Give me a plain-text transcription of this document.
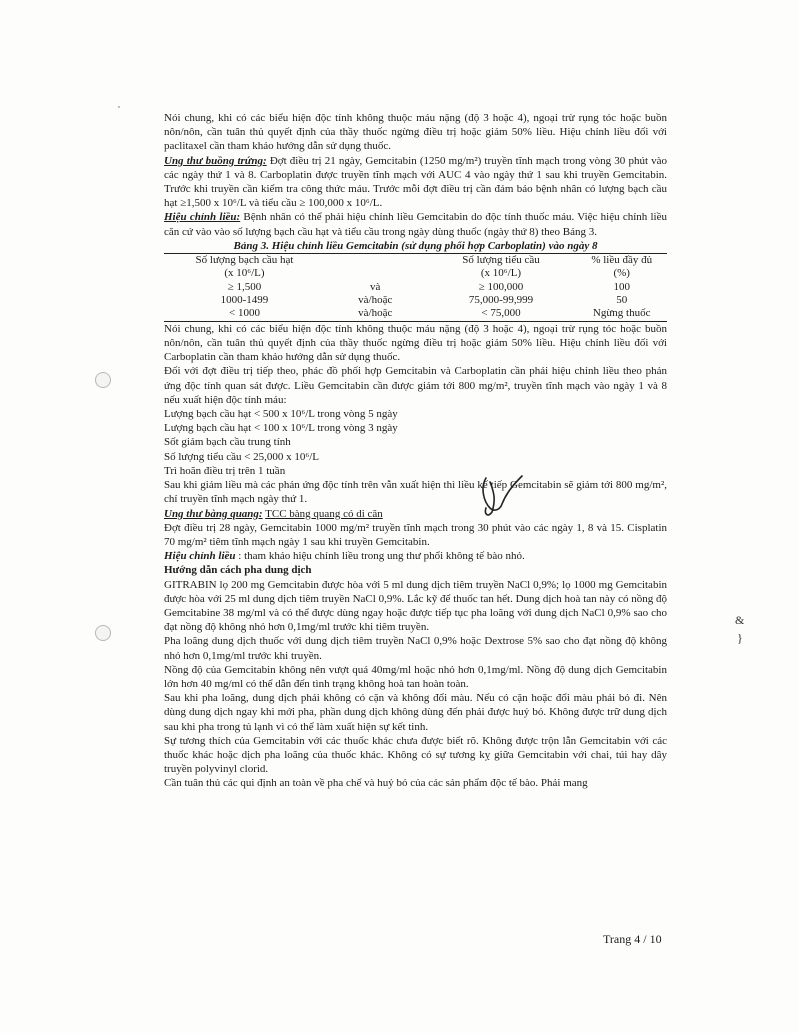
&
}

Nói chung, khi có các biểu hiện độc tính không thuộc máu nặng (độ 3 hoặc 4), ngoại trừ rụng tóc hoặc buồn nôn/nôn, cần tuân thủ quyết định của thầy thuốc ngừng điều trị hoặc giảm 50% liều. Hiệu chỉnh liều đối với paclitaxel cần tham khảo hướng dẫn sử dụng thuốc.

Ung thư buồng trứng: Đợt điều trị 21 ngày, Gemcitabin (1250 mg/m²) truyền tĩnh mạch trong vòng 30 phút vào các ngày thứ 1 và 8. Carboplatin được truyền tĩnh mạch với AUC 4 vào ngày thứ 1 sau khi truyền Gemcitabin. Trước khi truyền cần kiểm tra công thức máu. Trước mỗi đợt điều trị cần đảm bảo bệnh nhân có lượng bạch cầu hạt ≥1,500 x 10⁶/L và tiểu cầu ≥ 100,000 x 10⁶/L.

Hiệu chỉnh liều: Bệnh nhân có thể phải hiệu chỉnh liều Gemcitabin do độc tính thuốc máu. Việc hiệu chỉnh liều căn cứ vào vào số lượng bạch cầu hạt và tiểu cầu trong ngày dùng thuốc (ngày thứ 8) theo Bảng 3.

Bảng 3. Hiệu chỉnh liều Gemcitabin (sử dụng phối hợp Carboplatin) vào ngày 8
Số lượng bạch cầu hạt		Số lượng tiểu cầu	% liều đầy đủ
(x 10⁶/L)		(x 10⁶/L)	(%)
≥ 1,500	và	≥ 100,000	100
1000-1499	và/hoặc	75,000-99,999	50
< 1000	và/hoặc	< 75,000	Ngừng thuốc

Nói chung, khi có các biểu hiện độc tính không thuộc máu nặng (độ 3 hoặc 4), ngoại trừ rụng tóc hoặc buồn nôn/nôn, cần tuân thủ quyết định của thầy thuốc ngừng điều trị hoặc giảm 50% liều. Hiệu chỉnh liều đối với Carboplatin cần tham khảo hướng dẫn sử dụng thuốc.

Đối với đợt điều trị tiếp theo, phác đồ phối hợp Gemcitabin và Carboplatin cần phải hiệu chỉnh liều theo phản ứng độc tính quan sát được. Liều Gemcitabin cần được giảm tới 800 mg/m², truyền tĩnh mạch vào ngày 1 và 8 nếu xuất hiện độc tính máu:

Lượng bạch cầu hạt < 500 x 10⁶/L trong vòng 5 ngày

Lượng bạch cầu hạt < 100 x 10⁶/L trong vòng 3 ngày

Sốt giảm bạch cầu trung tính

Số lượng tiểu cầu < 25,000 x 10⁶/L

Trì hoãn điều trị trên 1 tuần

Sau khi giảm liều mà các phản ứng độc tính trên vẫn xuất hiện thì liều kế tiếp Gemcitabin sẽ giảm tới 800 mg/m², chỉ truyền tĩnh mạch ngày thứ 1.

Ung thư bàng quang: TCC bàng quang có di căn

Đợt điều trị 28 ngày, Gemcitabin 1000 mg/m² truyền tĩnh mạch trong 30 phút vào các ngày 1, 8 và 15. Cisplatin 70 mg/m² tiêm tĩnh mạch ngày 1 sau khi truyền Gemcitabin.

Hiệu chỉnh liều : tham khảo hiệu chỉnh liều trong ung thư phổi không tế bào nhỏ.

Hướng dẫn cách pha dung dịch

GITRABIN lọ 200 mg Gemcitabin được hòa với 5 ml dung dịch tiêm truyền NaCl 0,9%; lọ 1000 mg Gemcitabin được hòa với 25 ml dung dịch tiêm truyền NaCl 0,9%. Lắc kỹ để thuốc tan hết. Dung dịch hoà tan này có nồng độ Gemcitabine 38 mg/ml và có thể được dùng ngay hoặc được tiếp tục pha loãng với dung dịch NaCl 0,9% sao cho đạt nồng độ không nhỏ hơn 0,1mg/ml trước khi tiêm truyền.

Pha loãng dung dịch thuốc với dung dịch tiêm truyền NaCl 0,9% hoặc Dextrose 5% sao cho đạt nồng độ không nhỏ hơn 0,1mg/ml trước khi truyền.

Nồng độ của Gemcitabin không nên vượt quá 40mg/ml hoặc nhỏ hơn 0,1mg/ml. Nồng độ dung dịch Gemcitabin lớn hơn 40 mg/ml có thể dẫn đến tình trạng không hoà tan hoàn toàn.

Sau khi pha loãng, dung dịch phải không có cặn và không đổi màu. Nếu có cặn hoặc đổi màu phải bỏ đi. Nên dùng dung dịch ngay khi mới pha, phần dung dịch không dùng đến phải được huỷ bỏ. Không được trữ dung dịch sau khi pha trong tủ lạnh vì có thể làm xuất hiện sự kết tinh.

Sự tương thích của Gemcitabin với các thuốc khác chưa được biết rõ. Không được trộn lẫn Gemcitabin với các thuốc khác hoặc dịch pha loãng của thuốc khác. Không có sự tương kỵ giữa Gemcitabin với chai, túi hay dây truyền polyvinyl clorid.

Cần tuân thủ các qui định an toàn về pha chế và huỷ bỏ của các sản phẩm độc tế bào. Phải mang

Trang 4 / 10
